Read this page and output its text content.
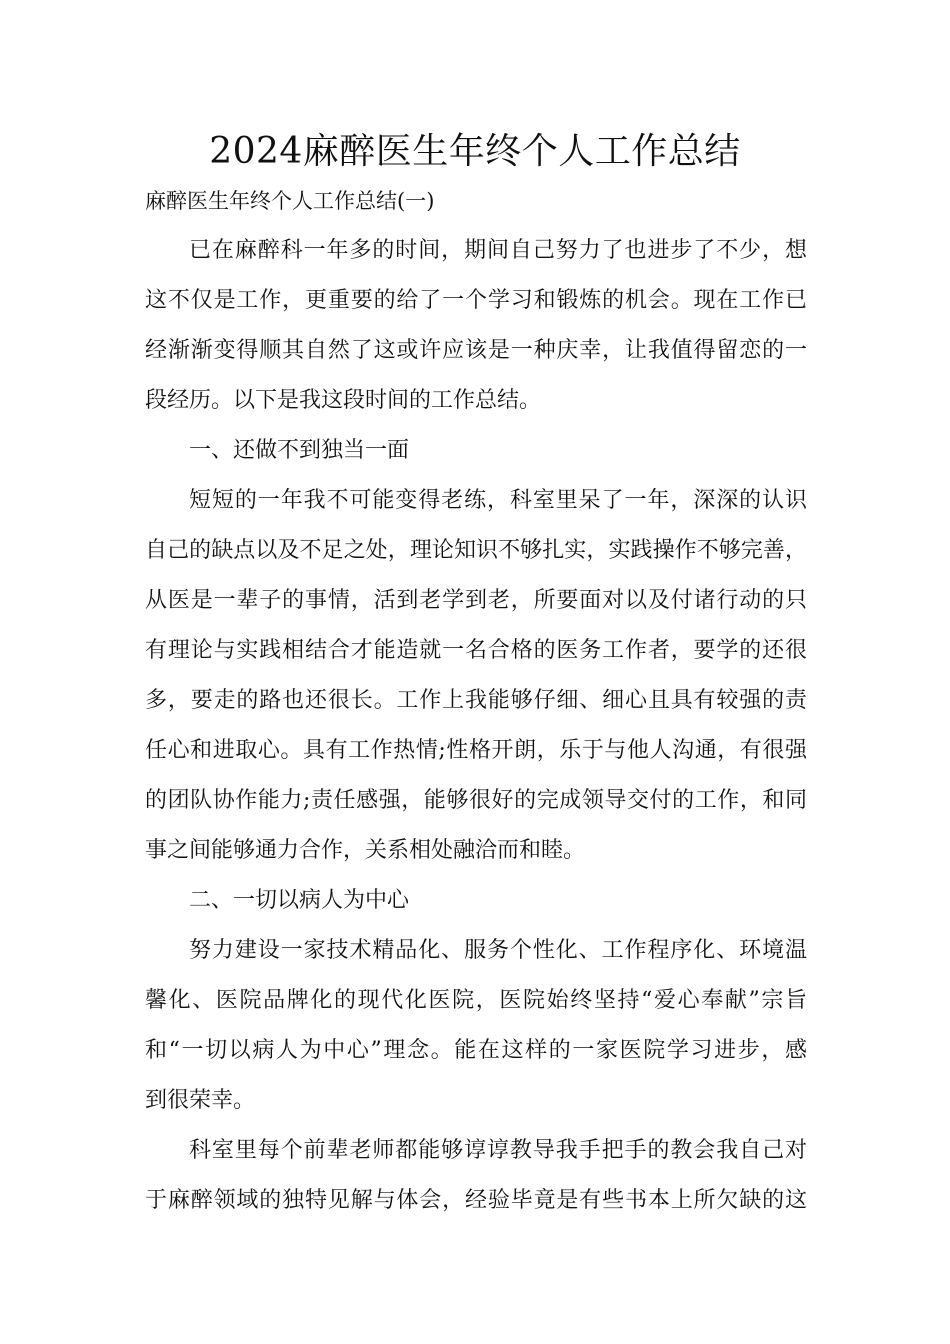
2024麻醉医生年终个人工作总结

麻醉医生年终个人工作总结(一)

已在麻醉科一年多的时间，期间自己努力了也进步了不少，想

这不仅是工作，更重要的给了一个学习和锻炼的机会。现在工作已

经渐渐变得顺其自然了这或许应该是一种庆幸，让我值得留恋的一

段经历。以下是我这段时间的工作总结。

一、还做不到独当一面

短短的一年我不可能变得老练，科室里呆了一年，深深的认识

自己的缺点以及不足之处，理论知识不够扎实，实践操作不够完善，

从医是一辈子的事情，活到老学到老，所要面对以及付诸行动的只

有理论与实践相结合才能造就一名合格的医务工作者，要学的还很

多，要走的路也还很长。工作上我能够仔细、细心且具有较强的责

任心和进取心。具有工作热情;性格开朗，乐于与他人沟通，有很强

的团队协作能力;责任感强，能够很好的完成领导交付的工作，和同

事之间能够通力合作，关系相处融洽而和睦。

二、一切以病人为中心

努力建设一家技术精品化、服务个性化、工作程序化、环境温

馨化、医院品牌化的现代化医院，医院始终坚持“爱心奉献”宗旨

和“一切以病人为中心”理念。能在这样的一家医院学习进步，感

到很荣幸。

科室里每个前辈老师都能够谆谆教导我手把手的教会我自己对

于麻醉领域的独特见解与体会，经验毕竟是有些书本上所欠缺的这
